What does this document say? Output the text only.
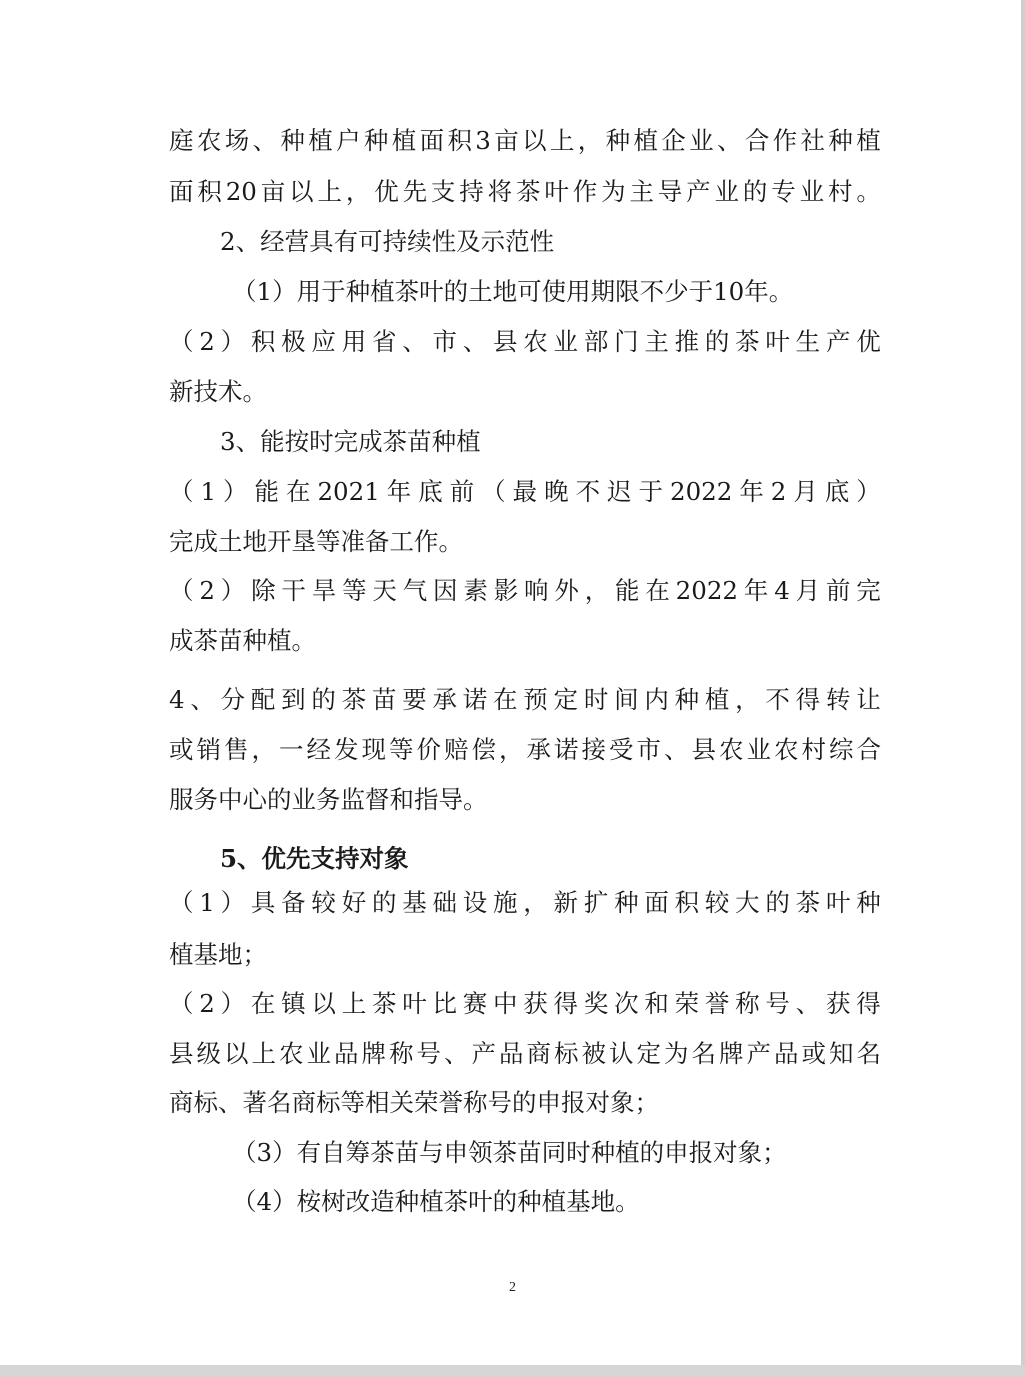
庭 农 场 、 种 植 户 种 植 面 积 3 亩 以 上 ， 种 植 企 业 、 合 作 社 种 植

面 积 20 亩 以 上 ， 优 先 支 持 将 茶 叶 作 为 主 导 产 业 的 专 业 村 。

2、经营具有可持续性及示范性

（1）用于种植茶叶的土地可使用期限不少于10年。

（ 2 ） 积 极 应 用 省 、 市 、 县 农 业 部 门 主 推 的 茶 叶 生 产 优

新技术。

3、能按时完成茶苗种植

（ 1 ） 能 在 2021 年 底 前 （ 最 晚 不 迟 于 2022 年 2 月 底 ）

完成土地开垦等准备工作。

（ 2 ） 除 干 旱 等 天 气 因 素 影 响 外 ， 能 在 2022 年 4 月 前 完

成茶苗种植。

4 、 分 配 到 的 茶 苗 要 承 诺 在 预 定 时 间 内 种 植 ， 不 得 转 让

或 销 售 ， 一 经 发 现 等 价 赔 偿 ， 承 诺 接 受 市 、 县 农 业 农 村 综 合

服务中心的业务监督和指导。

5、优先支持对象

（ 1 ） 具 备 较 好 的 基 础 设 施 ， 新 扩 种 面 积 较 大 的 茶 叶 种

植基地；

（ 2 ） 在 镇 以 上 茶 叶 比 赛 中 获 得 奖 次 和 荣 誉 称 号 、 获 得

县 级 以 上 农 业 品 牌 称 号 、 产 品 商 标 被 认 定 为 名 牌 产 品 或 知 名

商标、著名商标等相关荣誉称号的申报对象；

（3）有自筹茶苗与申领茶苗同时种植的申报对象；

（4）桉树改造种植茶叶的种植基地。

2
